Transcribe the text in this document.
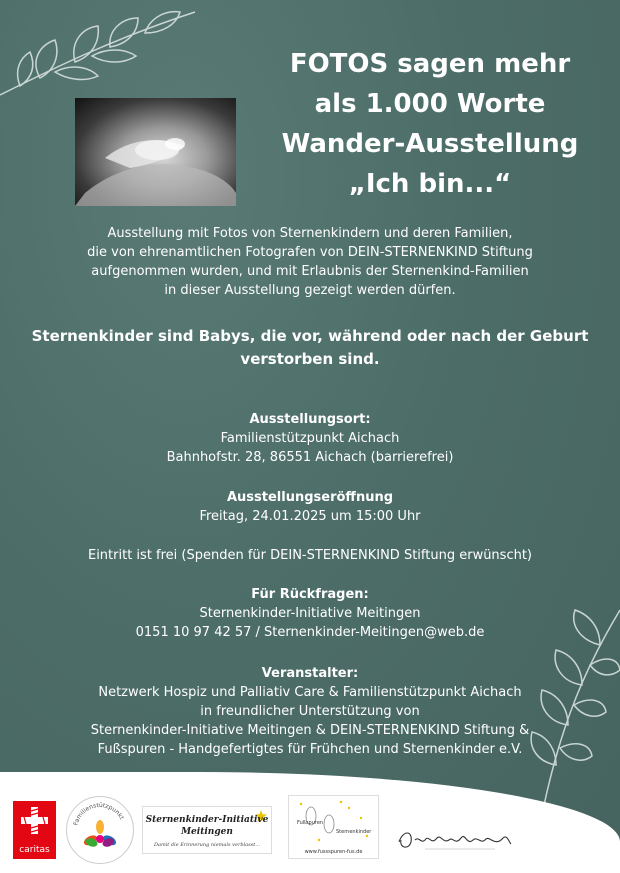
FOTOS sagen mehr
als 1.000 Worte
Wander-Ausstellung
„Ich bin...“
Ausstellung mit Fotos von Sternenkindern und deren Familien,
die von ehrenamtlichen Fotografen von DEIN-STERNENKIND Stiftung
aufgenommen wurden, und mit Erlaubnis der Sternenkind-Familien
in dieser Ausstellung gezeigt werden dürfen.
Sternenkinder sind Babys, die vor, während oder nach der Geburt verstorben sind.
Ausstellungsort:
Familienstützpunkt Aichach
Bahnhofstr. 28, 86551 Aichach (barrierefrei)
Ausstellungseröffnung
Freitag, 24.01.2025 um 15:00 Uhr
Eintritt ist frei (Spenden für DEIN-STERNENKIND Stiftung erwünscht)
Für Rückfragen:
Sternenkinder-Initiative Meitingen
0151 10 97 42 57 / Sternenkinder-Meitingen@web.de
Veranstalter:
Netzwerk Hospiz und Palliativ Care & Familienstützpunkt Aichach
in freundlicher Unterstützung von
Sternenkinder-Initiative Meitingen & DEIN-STERNENKIND Stiftung &
Fußspuren - Handgefertigtes für Frühchen und Sternenkinder e.V.
caritas
Familienstützpunkt Sternenkinder-Initiative
Meitingen
Damit die Erinnerung niemals verblasst...
Fußspuren
Sternenkinder
www.fussspuren-fus.de
